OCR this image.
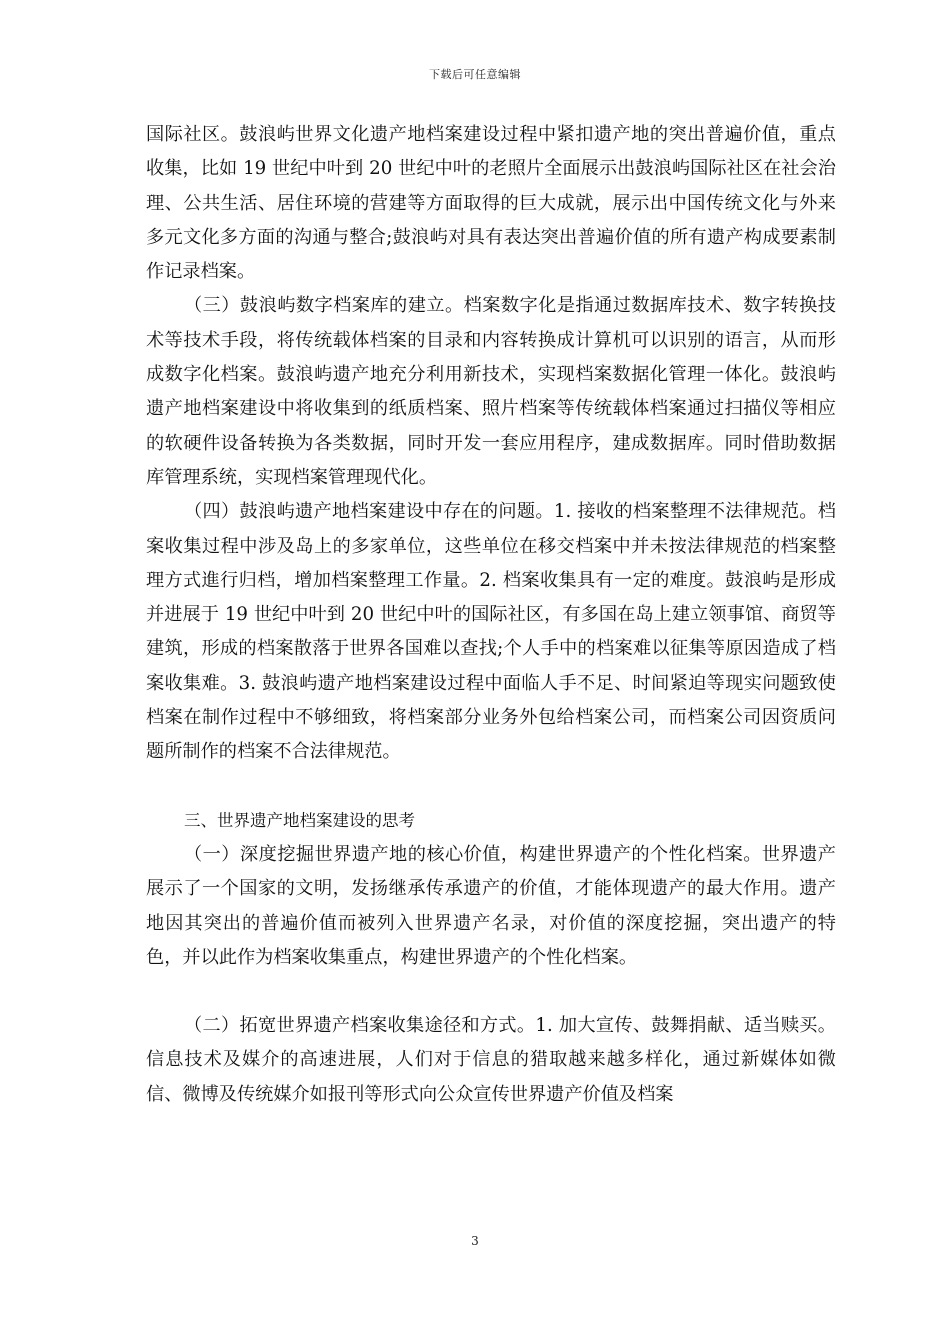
下载后可任意编辑

国际社区。鼓浪屿世界文化遗产地档案建设过程中紧扣遗产地的突出普遍价值，重点收集，比如 19 世纪中叶到 20 世纪中叶的老照片全面展示出鼓浪屿国际社区在社会治理、公共生活、居住环境的营建等方面取得的巨大成就，展示出中国传统文化与外来多元文化多方面的沟通与整合;鼓浪屿对具有表达突出普遍价值的所有遗产构成要素制作记录档案。

（三）鼓浪屿数字档案库的建立。档案数字化是指通过数据库技术、数字转换技术等技术手段，将传统载体档案的目录和内容转换成计算机可以识别的语言，从而形成数字化档案。鼓浪屿遗产地充分利用新技术，实现档案数据化管理一体化。鼓浪屿遗产地档案建设中将收集到的纸质档案、照片档案等传统载体档案通过扫描仪等相应的软硬件设备转换为各类数据，同时开发一套应用程序，建成数据库。同时借助数据库管理系统，实现档案管理现代化。

（四）鼓浪屿遗产地档案建设中存在的问题。1. 接收的档案整理不法律规范。档案收集过程中涉及岛上的多家单位，这些单位在移交档案中并未按法律规范的档案整理方式進行归档，增加档案整理工作量。2. 档案收集具有一定的难度。鼓浪屿是形成并进展于 19 世纪中叶到 20 世纪中叶的国际社区，有多国在岛上建立领事馆、商贸等建筑，形成的档案散落于世界各国难以查找;个人手中的档案难以征集等原因造成了档案收集难。3. 鼓浪屿遗产地档案建设过程中面临人手不足、时间紧迫等现实问题致使档案在制作过程中不够细致，将档案部分业务外包给档案公司，而档案公司因资质问题所制作的档案不合法律规范。

三、世界遗产地档案建设的思考

（一）深度挖掘世界遗产地的核心价值，构建世界遗产的个性化档案。世界遗产展示了一个国家的文明，发扬继承传承遗产的价值，才能体现遗产的最大作用。遗产地因其突出的普遍价值而被列入世界遗产名录，对价值的深度挖掘，突出遗产的特色，并以此作为档案收集重点，构建世界遗产的个性化档案。

（二）拓宽世界遗产档案收集途径和方式。1. 加大宣传、鼓舞捐献、适当赎买。信息技术及媒介的高速进展，人们对于信息的猎取越来越多样化，通过新媒体如微信、微博及传统媒介如报刊等形式向公众宣传世界遗产价值及档案

3
